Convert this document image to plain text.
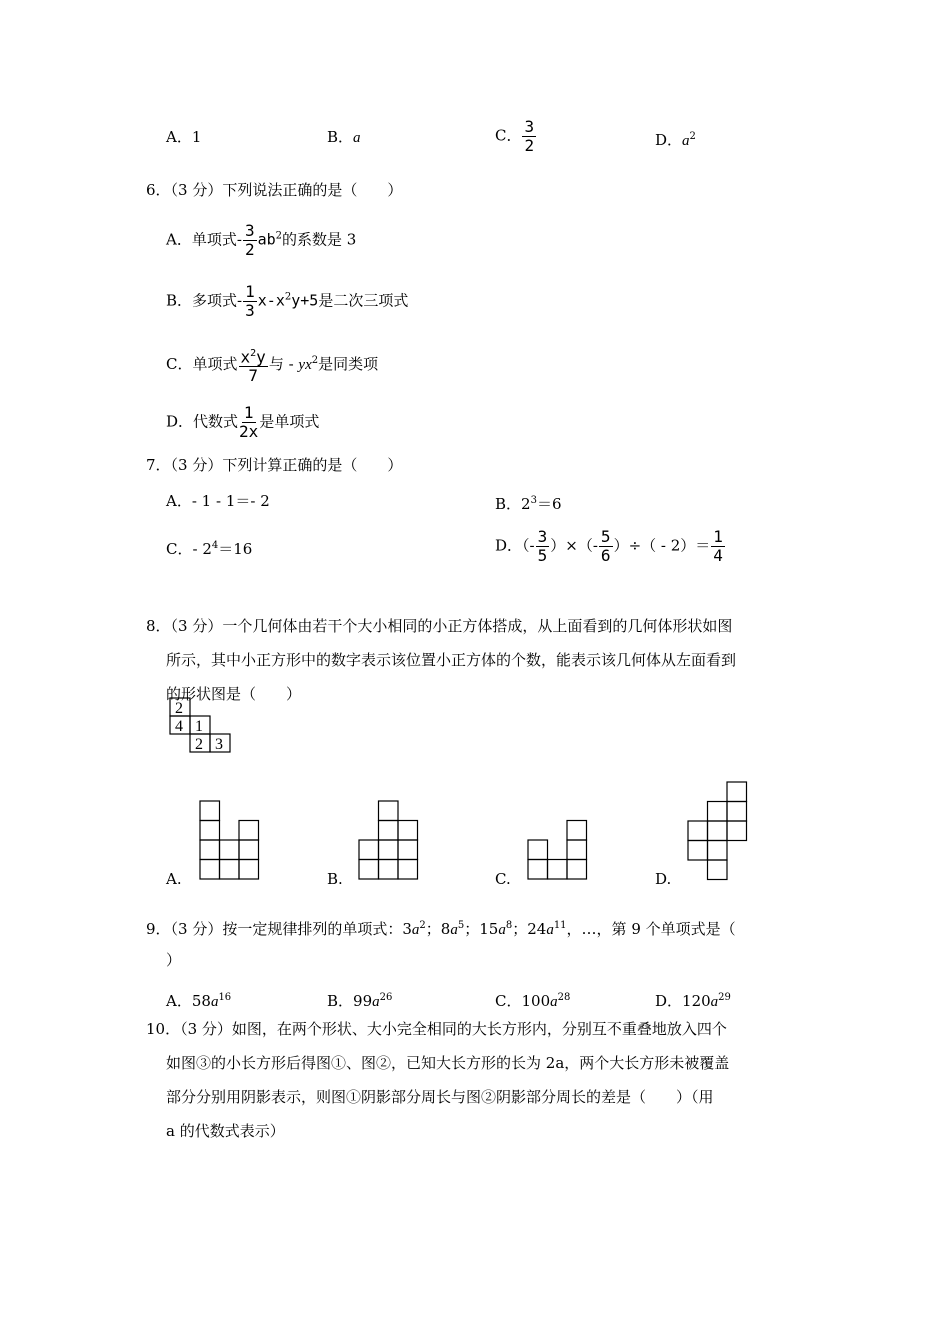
A．1	B．a	C． $\frac{3}{2}$	D．$a^2$
6．（3 分）下列说法正确的是（　　）
A．单项式- $\frac{3}{2} ab^2$的系数是 3
B．多项式- $\frac{1}{3} x-x^2y+5$是二次三项式
C．单项式 $\frac{x^2y}{7}$ 与 - $yx^2$是同类项
D．代数式 $\frac{1}{2x}$ 是单项式
7．（3 分）下列计算正确的是（　　）
A．- 1 - 1＝- 2	B．$2^3=6$
C．- $2^4=16$	D．（- $\frac{3}{5}$ ）×（- $\frac{5}{6}$ ）÷（ - $2)= \frac{1}{4}$
8．（3 分）一个几何体由若干个大小相同的小正方体搭成，从上面看到的几何体形状如图
所示，其中小正方形中的数字表示该位置小正方体的个数，能表示该几何体从左面看到
的形状图是（　　）
2
4 1
2 3
A.	B.	C.	D.
9．（3 分）按一定规律排列的单项式：$3a^2$；$8a^5$；$15a^8$；$24a^{11}$，…，第 9 个单项式是（
）
A．$58a^{16}$	B．$99a^{26}$	C．$100a^{28}$	D．$120a^{29}$
10．（3 分）如图，在两个形状、大小完全相同的大长方形内，分别互不重叠地放入四个
如图③的小长方形后得图①、图②，已知大长方形的长为 2a，两个大长方形未被覆盖
部分分别用阴影表示，则图①阴影部分周长与图②阴影部分周长的差是（　　）（用
a 的代数式表示）
